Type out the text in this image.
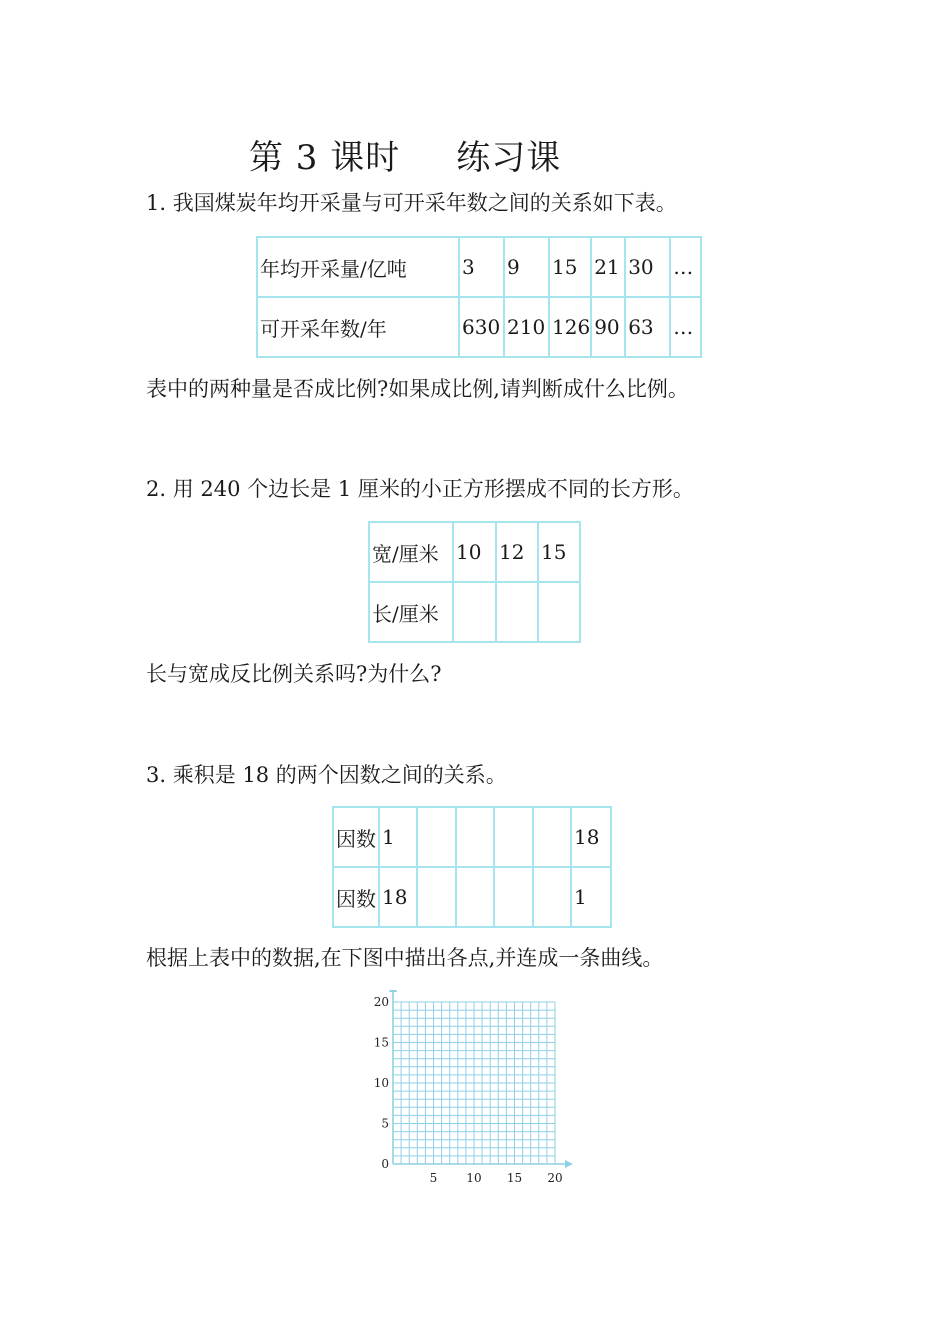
第 3 课时 练习课
1. 我国煤炭年均开采量与可开采年数之间的关系如下表。
年均开采量/亿吨	3	9	15	21	30	…
可开采年数/年	630	210	126	90	63	…
表中的两种量是否成比例?如果成比例,请判断成什么比例。
2. 用 240 个边长是 1 厘米的小正方形摆成不同的长方形。
宽/厘米	10	12	15
长/厘米			
长与宽成反比例关系吗?为什么?
3. 乘积是 18 的两个因数之间的关系。
因数	1					18
因数	18					1
根据上表中的数据,在下图中描出各点,并连成一条曲线。
5 10 15 20
0
5
10
15
20
